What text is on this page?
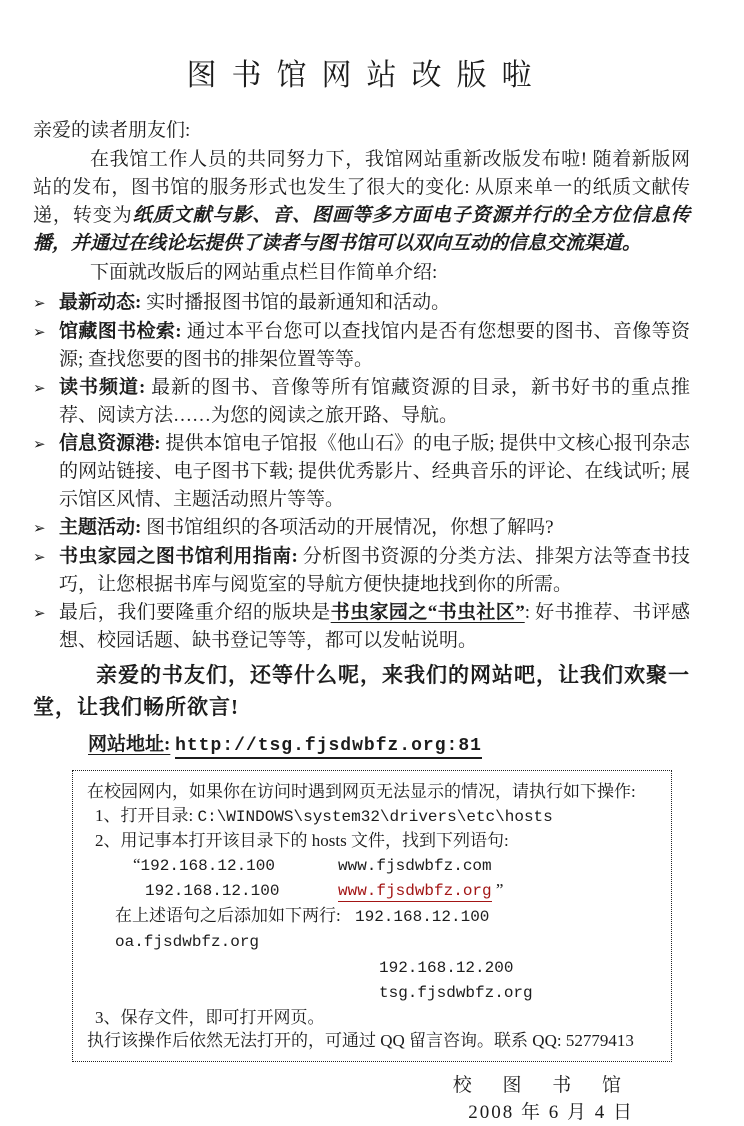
图书馆网站改版啦
亲爱的读者朋友们:

在我馆工作人员的共同努力下，我馆网站重新改版发布啦! 随着新版网站的发布，图书馆的服务形式也发生了很大的变化: 从原来单一的纸质文献传递，转变为纸质文献与影、音、图画等多方面电子资源并行的全方位信息传播，并通过在线论坛提供了读者与图书馆可以双向互动的信息交流渠道。

下面就改版后的网站重点栏目作简单介绍:

➢ 最新动态: 实时播报图书馆的最新通知和活动。
➢ 馆藏图书检索: 通过本平台您可以查找馆内是否有您想要的图书、音像等资源; 查找您要的图书的排架位置等等。
➢ 读书频道: 最新的图书、音像等所有馆藏资源的目录，新书好书的重点推荐、阅读方法……为您的阅读之旅开路、导航。
➢ 信息资源港: 提供本馆电子馆报《他山石》的电子版; 提供中文核心报刊杂志的网站链接、电子图书下载; 提供优秀影片、经典音乐的评论、在线试听; 展示馆区风情、主题活动照片等等。
➢ 主题活动: 图书馆组织的各项活动的开展情况，你想了解吗?
➢ 书虫家园之图书馆利用指南: 分析图书资源的分类方法、排架方法等查书技巧，让您根据书库与阅览室的导航方便快捷地找到你的所需。
➢ 最后，我们要隆重介绍的版块是书虫家园之“书虫社区”: 好书推荐、书评感想、校园话题、缺书登记等等，都可以发帖说明。

亲爱的书友们，还等什么呢，来我们的网站吧，让我们欢聚一堂，让我们畅所欲言!

网站地址: http://tsg.fjsdwbfz.org:81
在校园网内，如果你在访问时遇到网页无法显示的情况，请执行如下操作:
1、打开目录: C:\WINDOWS\system32\drivers\etc\hosts
2、用记事本打开该目录下的 hosts 文件，找到下列语句:
“192.168.12.100	www.fjsdwbfz.com
192.168.12.100	www.fjsdwbfz.org ”
在上述语句之后添加如下两行: 192.168.12.100oa.fjsdwbfz.org
192.168.12.200tsg.fjsdwbfz.org
3、保存文件，即可打开网页。
执行该操作后依然无法打开的，可通过 QQ 留言咨询。联系 QQ: 52779413
校 图 书 馆
2008 年 6 月 4 日
